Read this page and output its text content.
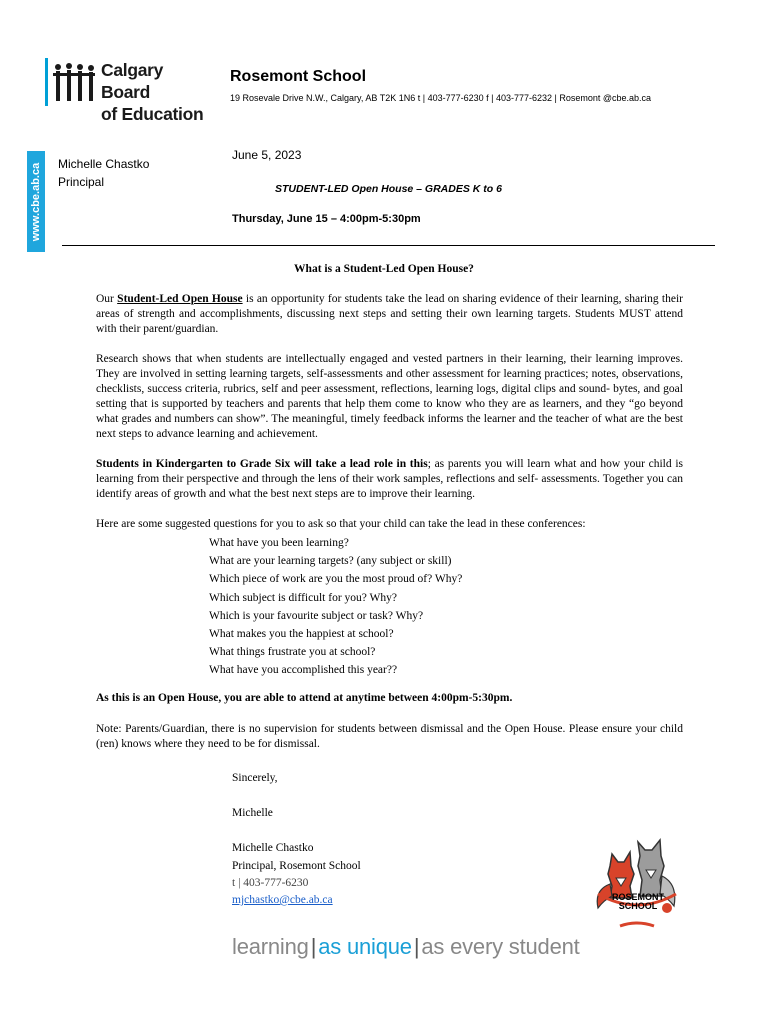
Calgary Board
of Education
Rosemont School
19 Rosevale Drive N.W., Calgary, AB T2K 1N6 t | 403-777-6230 f | 403-777-6232 | Rosemont @cbe.ab.ca
www.cbe.ab.ca Michelle Chastko
Principal
June 5, 2023
STUDENT-LED Open House – GRADES K to 6
Thursday, June 15 – 4:00pm-5:30pm
What is a Student-Led Open House?
Our Student-Led Open House is an opportunity for students take the lead on sharing evidence of their learning, sharing their areas of strength and accomplishments, discussing next steps and setting their own learning targets. Students MUST attend with their parent/guardian.
Research shows that when students are intellectually engaged and vested partners in their learning, their learning improves. They are involved in setting learning targets, self-assessments and other assessment for learning practices; notes, observations, checklists, success criteria, rubrics, self and peer assessment, reflections, learning logs, digital clips and sound- bytes, and goal setting that is supported by teachers and parents that help them come to know who they are as learners, and they “go beyond what grades and numbers can show”. The meaningful, timely feedback informs the learner and the teacher of what are the best next steps to advance learning and achievement.
Students in Kindergarten to Grade Six will take a lead role in this; as parents you will learn what and how your child is learning from their perspective and through the lens of their work samples, reflections and self- assessments. Together you can identify areas of growth and what the best next steps are to improve their learning.
Here are some suggested questions for you to ask so that your child can take the lead in these conferences:
What have you been learning?
What are your learning targets? (any subject or skill)
Which piece of work are you the most proud of? Why?
Which subject is difficult for you? Why?
Which is your favourite subject or task? Why?
What makes you the happiest at school?
What things frustrate you at school?
What have you accomplished this year??
As this is an Open House, you are able to attend at anytime between 4:00pm-5:30pm.
Note: Parents/Guardian, there is no supervision for students between dismissal and the Open House. Please ensure your child (ren) knows where they need to be for dismissal.
Sincerely,
Michelle
Michelle Chastko
Principal, Rosemont School
t | 403-777-6230
mjchastko@cbe.ab.ca	ROSEMONT
SCHOOL
learning|as unique|as every student
